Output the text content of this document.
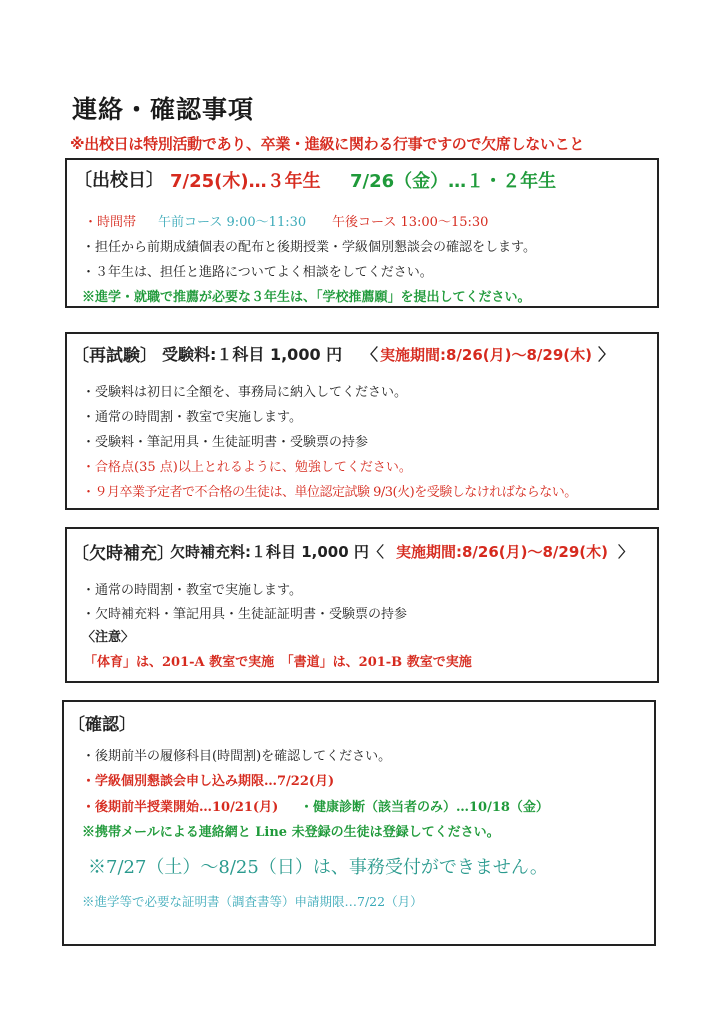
連絡・確認事項
※出校日は特別活動であり、卒業・進級に関わる行事ですので欠席しないこと
〔出校日〕 7/25(木)…３年生 7/26（金）…１・２年生
・時間帯 午前コース 9:00～11:30 午後コース 13:00～15:30
・担任から前期成績個表の配布と後期授業・学級個別懇談会の確認をします。
・３年生は、担任と進路についてよく相談をしてください。
※進学・就職で推薦が必要な３年生は、「学校推薦願」を提出してください。
〔再試験〕 受験料:１科目 1,000 円 〈 実施期間:8/26(月)～8/29(木) 〉
・受験料は初日に全額を、事務局に納入してください。
・通常の時間割・教室で実施します。
・受験料・筆記用具・生徒証明書・受験票の持参
・合格点(35 点)以上とれるように、勉強してください。
・９月卒業予定者で不合格の生徒は、単位認定試験 9/3(火)を受験しなければならない。
〔欠時補充〕
欠時補充料:１科目 1,000 円〈 実施期間:8/26(月)～8/29(木) 〉
・通常の時間割・教室で実施します。
・欠時補充料・筆記用具・生徒証証明書・受験票の持参
〈注意〉
「体育」は、201-A 教室で実施　「書道」は、201-B 教室で実施
〔確認〕
・後期前半の履修科目(時間割)を確認してください。
・学級個別懇談会申し込み期限…7/22(月)
・後期前半授業開始…10/21(月) ・健康診断（該当者のみ）…10/18（金）
※携帯メールによる連絡網と Line 未登録の生徒は登録してください。
※7/27（土）～8/25（日）は、事務受付ができません。
※進学等で必要な証明書（調査書等）申請期限…7/22（月）
